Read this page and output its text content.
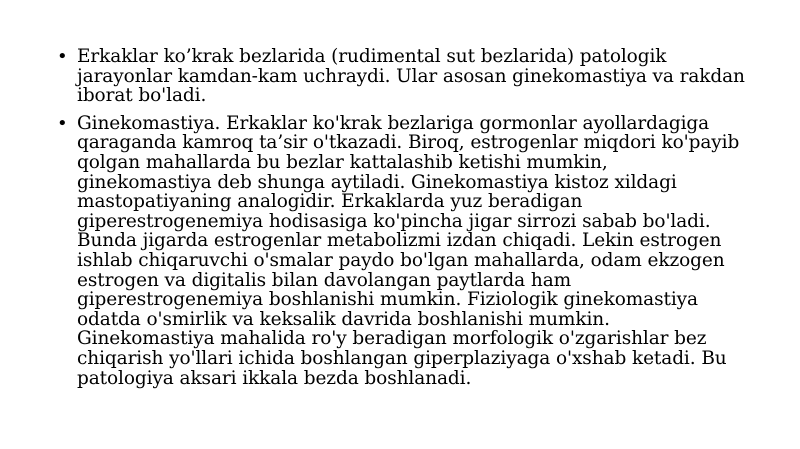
• Erkaklar ko’krak bezlarida (rudimental sut bezlarida) patologik jarayonlar kamdan-kam uchraydi. Ular asosan ginekomastiya va rakdan iborat bo'ladi.
• Ginekomastiya. Erkaklar ko'krak bezlariga gormonlar ayollardagiga qaraganda kamroq ta’sir o'tkazadi. Biroq, estrogenlar miqdori ko'payib qolgan mahallarda bu bezlar kattalashib ketishi mumkin, ginekomastiya deb shunga aytiladi. Ginekomastiya kistoz xildagi mastopatiyaning analogidir. Erkaklarda yuz beradigan giperestrogenemiya hodisasiga ko'pincha jigar sirrozi sabab bo'ladi. Bunda jigarda estrogenlar metabolizmi izdan chiqadi. Lekin estrogen ishlab chiqaruvchi o'smalar paydo bo'lgan mahallarda, odam ekzogen estrogen va digitalis bilan davolangan paytlarda ham giperestrogenemiya boshlanishi mumkin. Fiziologik ginekomastiya odatda o'smirlik va keksalik davrida boshlanishi mumkin. Ginekomastiya mahalida ro'y beradigan morfologik o'zgarishlar bez chiqarish yo'llari ichida boshlangan giperplaziyaga o'xshab ketadi. Bu patologiya aksari ikkala bezda boshlanadi.
